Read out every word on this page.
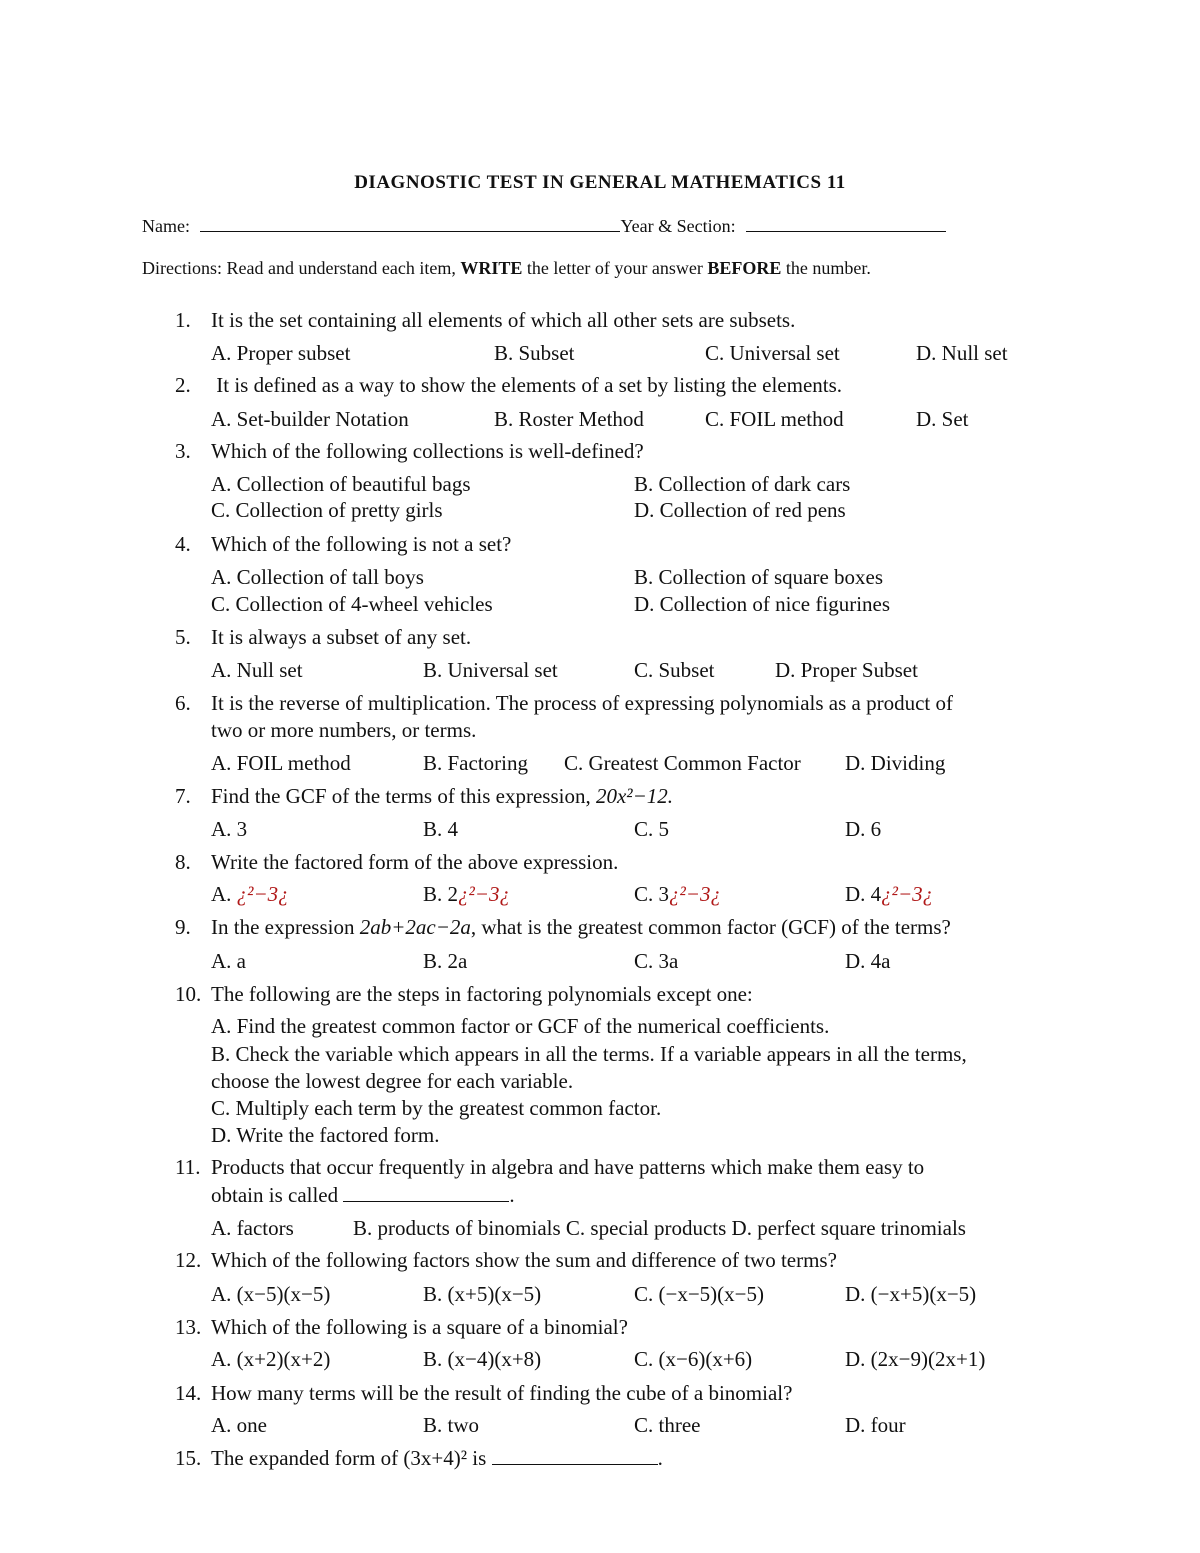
DIAGNOSTIC TEST IN GENERAL MATHEMATICS 11
Name:	Year & Section:
Directions: Read and understand each item, WRITE the letter of your answer BEFORE the number.
1. It is the set containing all elements of which all other sets are subsets.
A. Proper subset	B. Subset	C. Universal set	D. Null set
2. It is defined as a way to show the elements of a set by listing the elements.
A. Set-builder Notation	B. Roster Method	C. FOIL method	D. Set
3. Which of the following collections is well-defined?
A. Collection of beautiful bags	B. Collection of dark cars
C. Collection of pretty girls	D. Collection of red pens
4. Which of the following is not a set?
A. Collection of tall boys	B. Collection of square boxes
C. Collection of 4-wheel vehicles	D. Collection of nice figurines
5. It is always a subset of any set.
A. Null set	B. Universal set	C. Subset	D. Proper Subset
6. It is the reverse of multiplication. The process of expressing polynomials as a product of
two or more numbers, or terms.
A. FOIL method	B. Factoring C. Greatest Common Factor D. Dividing
7. Find the GCF of the terms of this expression, 20x²−12.
A. 3	B. 4	C. 5	D. 6
8. Write the factored form of the above expression.
A. ¿²−3¿	B. 2¿²−3¿	C. 3¿²−3¿	D. 4¿²−3¿
9. In the expression 2ab+2ac−2a, what is the greatest common factor (GCF) of the terms?
A. a	B. 2a	C. 3a	D. 4a
10. The following are the steps in factoring polynomials except one:
A. Find the greatest common factor or GCF of the numerical coefficients.
B. Check the variable which appears in all the terms. If a variable appears in all the terms,
choose the lowest degree for each variable.
C. Multiply each term by the greatest common factor.
D. Write the factored form.
11. Products that occur frequently in algebra and have patterns which make them easy to
obtain is called	.
A. factors	B. products of binomials C. special products D. perfect square trinomials
12. Which of the following factors show the sum and difference of two terms?
A. (x−5)(x−5)	B. (x+5)(x−5)	C. (−x−5)(x−5)	D. (−x+5)(x−5)
13. Which of the following is a square of a binomial?
A. (x+2)(x+2)	B. (x−4)(x+8)	C. (x−6)(x+6)	D. (2x−9)(2x+1)
14. How many terms will be the result of finding the cube of a binomial?
A. one	B. two	C. three	D. four
15. The expanded form of (3x+4)² is	.
